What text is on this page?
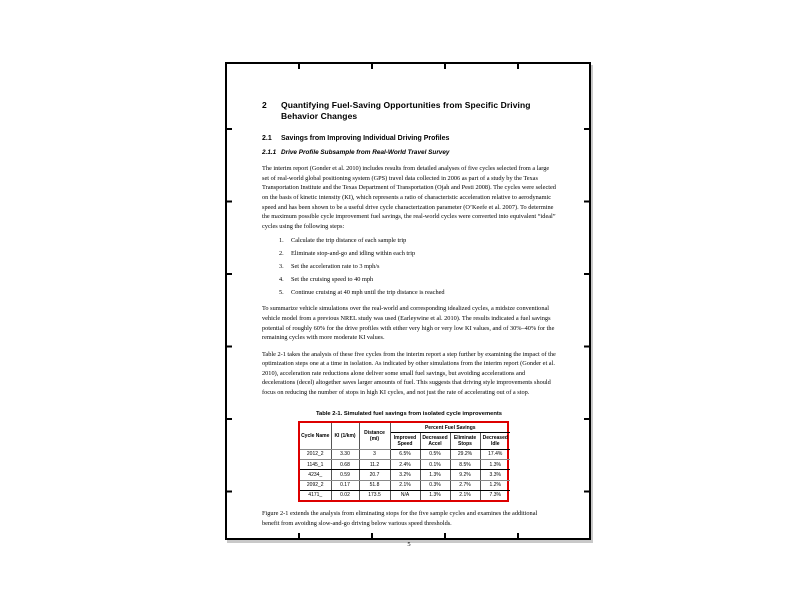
2	Quantifying Fuel-Saving Opportunities from Specific Driving Behavior Changes
2.1	Savings from Improving Individual Driving Profiles
2.1.1 Drive Profile Subsample from Real-World Travel Survey
The interim report (Gonder et al. 2010) includes results from detailed analyses of five cycles selected from a large set of real-world global positioning system (GPS) travel data collected in 2006 as part of a study by the Texas Transportation Institute and the Texas Department of Transportation (Ojah and Pesti 2008). The cycles were selected on the basis of kinetic intensity (KI), which represents a ratio of characteristic acceleration relative to aerodynamic speed and has been shown to be a useful drive cycle characterization parameter (O’Keefe et al. 2007). To determine the maximum possible cycle improvement fuel savings, the real-world cycles were converted into equivalent “ideal” cycles using the following steps:
1.	Calculate the trip distance of each sample trip
2.	Eliminate stop-and-go and idling within each trip
3.	Set the acceleration rate to 3 mph/s
4.	Set the cruising speed to 40 mph
5.	Continue cruising at 40 mph until the trip distance is reached
To summarize vehicle simulations over the real-world and corresponding idealized cycles, a midsize conventional vehicle model from a previous NREL study was used (Earleywine et al. 2010). The results indicated a fuel savings potential of roughly 60% for the drive profiles with either very high or very low KI values, and of 30%–40% for the remaining cycles with more moderate KI values.
Table 2-1 takes the analysis of these five cycles from the interim report a step further by examining the impact of the optimization steps one at a time in isolation. As indicated by other simulations from the interim report (Gonder et al. 2010), acceleration rate reductions alone deliver some small fuel savings, but avoiding accelerations and decelerations (decel) altogether saves larger amounts of fuel. This suggests that driving style improvements should focus on reducing the number of stops in high KI cycles, and not just the rate of accelerating out of a stop.
Table 2-1. Simulated fuel savings from isolated cycle improvements
Cycle Name	KI (1/km)	Distance (mi)	Percent Fuel Savings			
			Improved Speed	Decreased Accel	Eliminate Stops	Decreased Idle
2012_2	3.30	3	6.5%	0.5%	29.2%	17.4%
1145_1	0.68	11.2	2.4%	0.1%	8.5%	1.3%
4234_	0.59	20.7	3.2%	1.3%	9.2%	3.3%
2092_2	0.17	51.8	2.1%	0.3%	2.7%	1.2%
4171_	0.02	173.5	N/A	1.3%	2.1%	7.3%
Figure 2-1 extends the analysis from eliminating stops for the five sample cycles and examines the additional benefit from avoiding slow-and-go driving below various speed thresholds.
5
